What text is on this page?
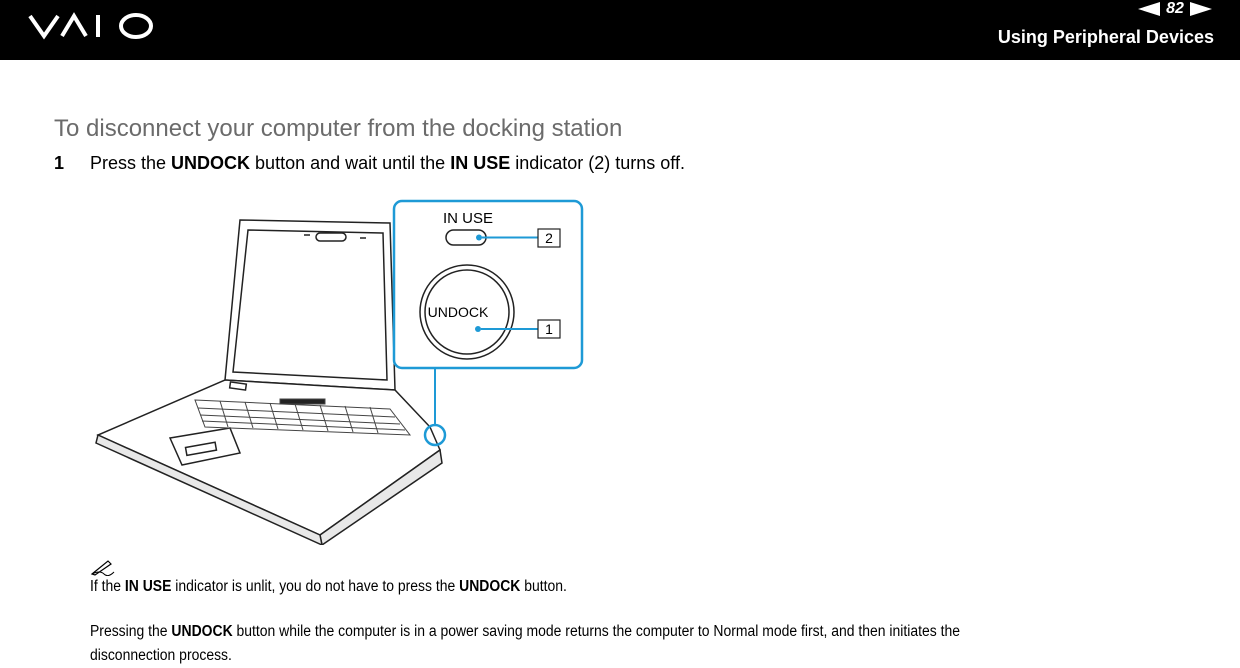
82
Using Peripheral Devices
To disconnect your computer from the docking station
1 Press the UNDOCK button and wait until the IN USE indicator (2) turns off.
IN USE
2
UNDOCK
1
If the IN USE indicator is unlit, you do not have to press the UNDOCK button.
Pressing the UNDOCK button while the computer is in a power saving mode returns the computer to Normal mode first, and then initiates the
disconnection process.
